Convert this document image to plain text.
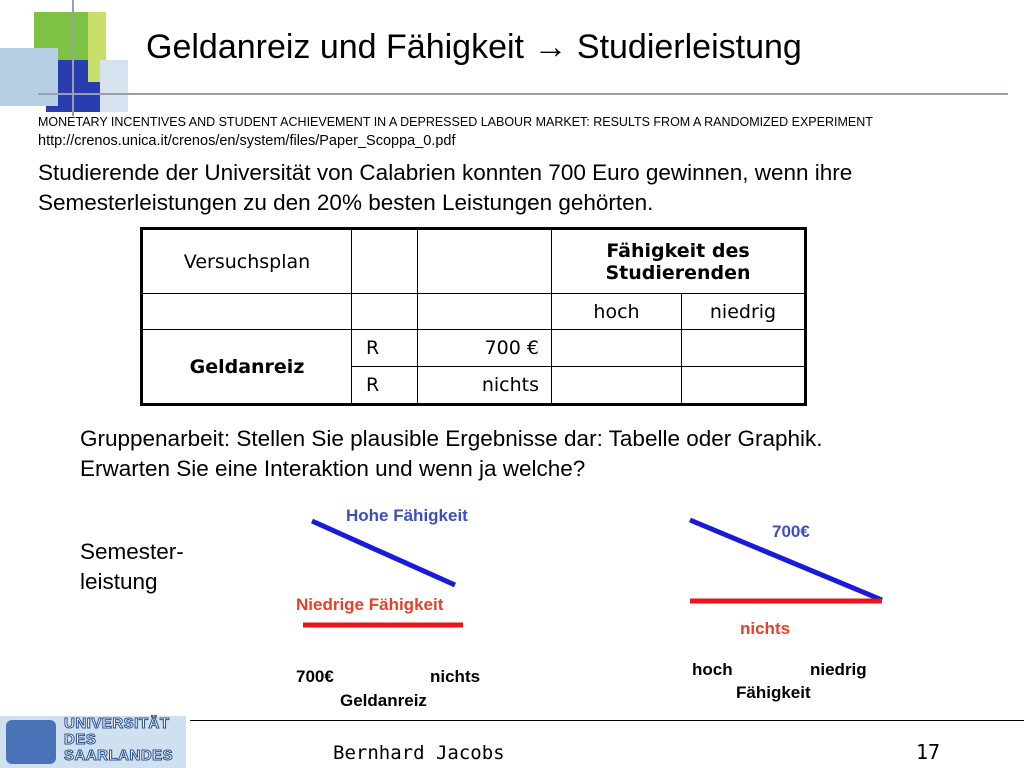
Geldanreiz und Fähigkeit → Studierleistung
MONETARY INCENTIVES AND STUDENT ACHIEVEMENT IN A DEPRESSED LABOUR MARKET: RESULTS FROM A RANDOMIZED EXPERIMENT
http://crenos.unica.it/crenos/en/system/files/Paper_Scoppa_0.pdf
Studierende der Universität von Calabrien konnten 700 Euro gewinnen, wenn ihre Semesterleistungen zu den 20% besten Leistungen gehörten.
Versuchsplan			Fähigkeit des
Studierenden	

			hoch	niedrig
Geldanreiz	R	700 €		
	R	nichts		
Gruppenarbeit: Stellen Sie plausible Ergebnisse dar: Tabelle oder Graphik.
Erwarten Sie eine Interaktion und wenn ja welche?
Semester-
leistung
Hohe Fähigkeit
Niedrige Fähigkeit
700€	nichts
Geldanreiz
700€
nichts
hoch	niedrig
Fähigkeit
UNIVERSITÄT
DES
SAARLANDES	Bernhard Jacobs	17
